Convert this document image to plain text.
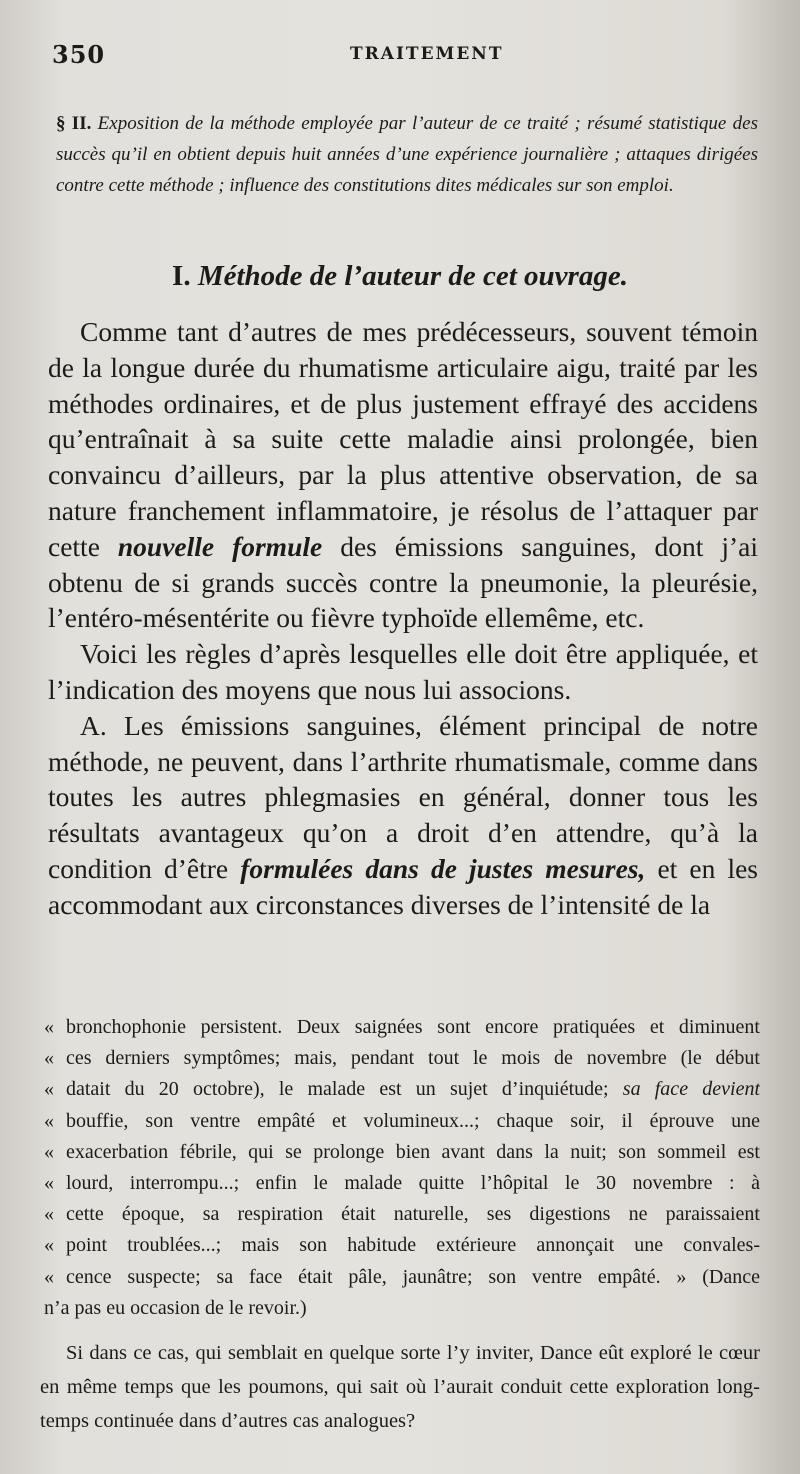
350	TRAITEMENT
§ II. Exposition de la méthode employée par l’auteur de ce traité ; résumé statistique des succès qu’il en obtient depuis huit années d’une expérience journalière ; attaques dirigées contre cette méthode ; influence des constitutions dites médicales sur son emploi.
I. Méthode de l’auteur de cet ouvrage.

Comme tant d’autres de mes prédécesseurs, souvent témoin de la longue durée du rhumatisme articulaire aigu, traité par les méthodes ordinaires, et de plus justement effrayé des accidens qu’entraînait à sa suite cette maladie ainsi prolongée, bien convaincu d’ailleurs, par la plus attentive observation, de sa nature franchement inflammatoire, je résolus de l’attaquer par cette nouvelle formule des émissions sanguines, dont j’ai obtenu de si grands succès contre la pneumonie, la pleurésie, l’entéro-mésentérite ou fièvre typhoïde ellemême, etc.

Voici les règles d’après lesquelles elle doit être appliquée, et l’indication des moyens que nous lui associons.

A. Les émissions sanguines, élément principal de notre méthode, ne peuvent, dans l’arthrite rhumatismale, comme dans toutes les autres phlegmasies en général, donner tous les résultats avantageux qu’on a droit d’en attendre, qu’à la condition d’être formulées dans de justes mesures, et en les accommodant aux circonstances diverses de l’intensité de la

« bronchophonie persistent. Deux saignées sont encore pratiquées et diminuent
« ces derniers symptômes; mais, pendant tout le mois de novembre (le début
« datait du 20 octobre), le malade est un sujet d’inquiétude; sa face devient
« bouffie, son ventre empâté et volumineux...; chaque soir, il éprouve une
« exacerbation fébrile, qui se prolonge bien avant dans la nuit; son sommeil est
« lourd, interrompu...; enfin le malade quitte l’hôpital le 30 novembre : à
« cette époque, sa respiration était naturelle, ses digestions ne paraissaient
« point troublées...; mais son habitude extérieure annonçait une convales-
« cence suspecte; sa face était pâle, jaunâtre; son ventre empâté. » (Dance
n’a pas eu occasion de le revoir.)

Si dans ce cas, qui semblait en quelque sorte l’y inviter, Dance eût exploré le cœur en même temps que les poumons, qui sait où l’aurait conduit cette exploration long-temps continuée dans d’autres cas analogues?
